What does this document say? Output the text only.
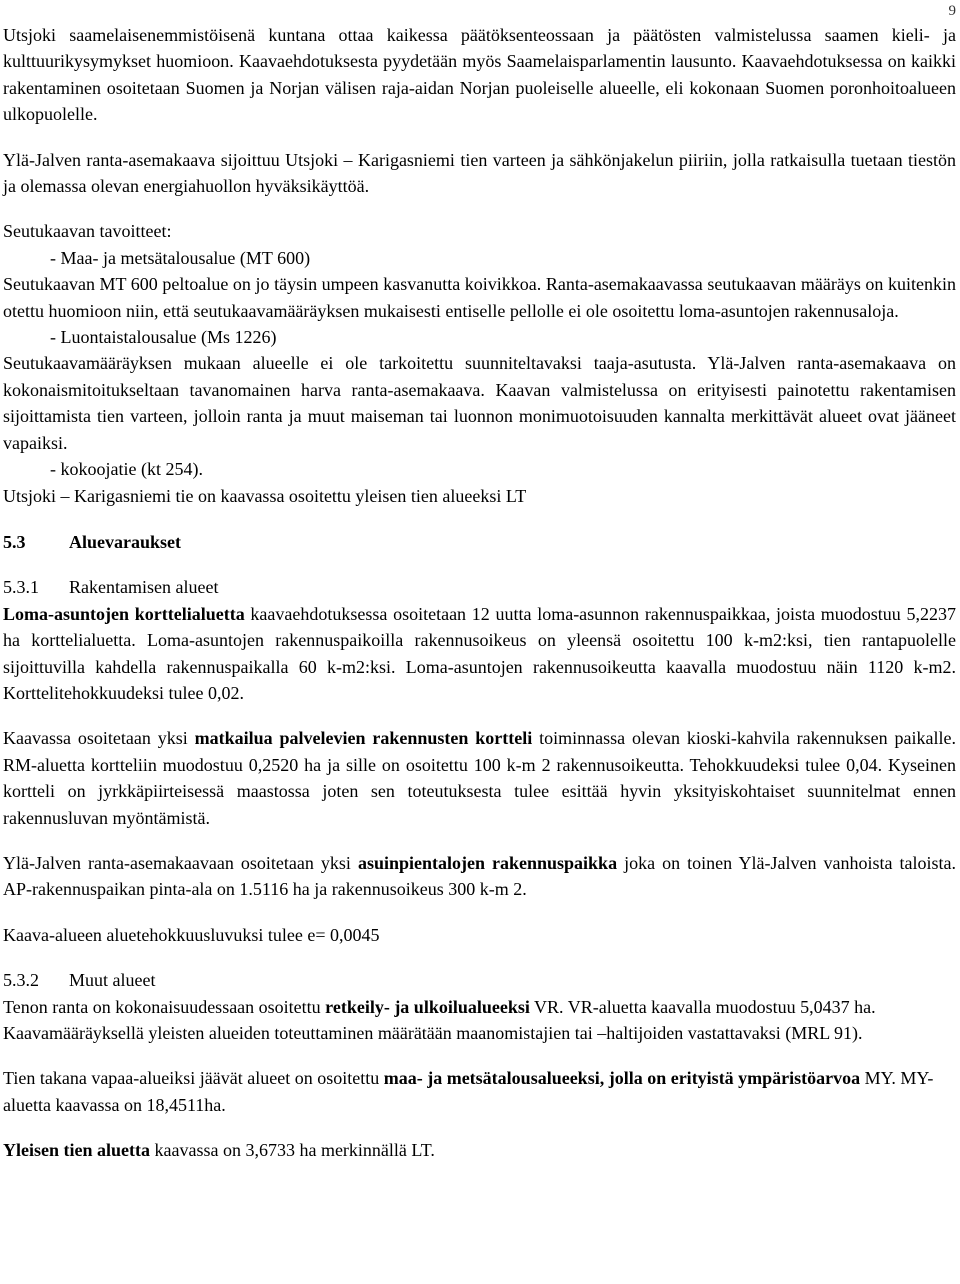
9

Utsjoki saamelaisenemmistöisenä kuntana ottaa kaikessa päätöksenteossaan ja päätösten valmistelussa saamen kieli- ja kulttuurikysymykset huomioon. Kaavaehdotuksesta pyydetään myös Saamelaisparlamentin lausunto. Kaavaehdotuksessa on kaikki rakentaminen osoitetaan Suomen ja Norjan välisen raja-aidan Norjan puoleiselle alueelle, eli kokonaan Suomen poronhoitoalueen ulkopuolelle.

Ylä-Jalven ranta-asemakaava sijoittuu Utsjoki – Karigasniemi tien varteen ja sähkönjakelun piiriin, jolla ratkaisulla tuetaan tiestön ja olemassa olevan energiahuollon hyväksikäyttöä.

Seutukaavan tavoitteet:

- Maa- ja metsätalousalue (MT 600)

Seutukaavan MT 600 peltoalue on jo täysin umpeen kasvanutta koivikkoa. Ranta-asemakaavassa seutukaavan määräys on kuitenkin otettu huomioon niin, että seutukaavamääräyksen mukaisesti entiselle pellolle ei ole osoitettu loma-asuntojen rakennusaloja.

- Luontaistalousalue (Ms 1226)

Seutukaavamääräyksen mukaan alueelle ei ole tarkoitettu suunniteltavaksi taaja-asutusta. Ylä-Jalven ranta-asemakaava on kokonaismitoitukseltaan tavanomainen harva ranta-asemakaava. Kaavan valmistelussa on erityisesti painotettu rakentamisen sijoittamista tien varteen, jolloin ranta ja muut maiseman tai luonnon monimuotoisuuden kannalta merkittävät alueet ovat jääneet vapaiksi.

- kokoojatie (kt 254).

Utsjoki – Karigasniemi tie on kaavassa osoitettu yleisen tien alueeksi LT

5.3 Aluevaraukset

5.3.1 Rakentamisen alueet

Loma-asuntojen korttelialuetta kaavaehdotuksessa osoitetaan 12 uutta loma-asunnon rakennuspaikkaa, joista muodostuu 5,2237 ha korttelialuetta. Loma-asuntojen rakennuspaikoilla rakennusoikeus on yleensä osoitettu 100 k-m2:ksi, tien rantapuolelle sijoittuvilla kahdella rakennuspaikalla 60 k-m2:ksi. Loma-asuntojen rakennusoikeutta kaavalla muodostuu näin 1120 k-m2. Korttelitehokkuudeksi tulee 0,02.

Kaavassa osoitetaan yksi matkailua palvelevien rakennusten kortteli toiminnassa olevan kioski-kahvila rakennuksen paikalle. RM-aluetta kortteliin muodostuu 0,2520 ha ja sille on osoitettu 100 k-m 2 rakennusoikeutta. Tehokkuudeksi tulee 0,04. Kyseinen kortteli on jyrkkäpiirteisessä maastossa joten sen toteutuksesta tulee esittää hyvin yksityiskohtaiset suunnitelmat ennen rakennusluvan myöntämistä.

Ylä-Jalven ranta-asemakaavaan osoitetaan yksi asuinpientalojen rakennuspaikka joka on toinen Ylä-Jalven vanhoista taloista. AP-rakennuspaikan pinta-ala on 1.5116 ha ja rakennusoikeus 300 k-m 2.

Kaava-alueen aluetehokkuusluvuksi tulee e= 0,0045

5.3.2 Muut alueet

Tenon ranta on kokonaisuudessaan osoitettu retkeily- ja ulkoilualueeksi VR. VR-aluetta kaavalla muodostuu 5,0437 ha. Kaavamääräyksellä yleisten alueiden toteuttaminen määrätään maanomistajien tai –haltijoiden vastattavaksi (MRL 91).

Tien takana vapaa-alueiksi jäävät alueet on osoitettu maa- ja metsätalousalueeksi, jolla on erityistä ympäristöarvoa MY. MY-aluetta kaavassa on 18,4511ha.

Yleisen tien aluetta kaavassa on 3,6733 ha merkinnällä LT.
